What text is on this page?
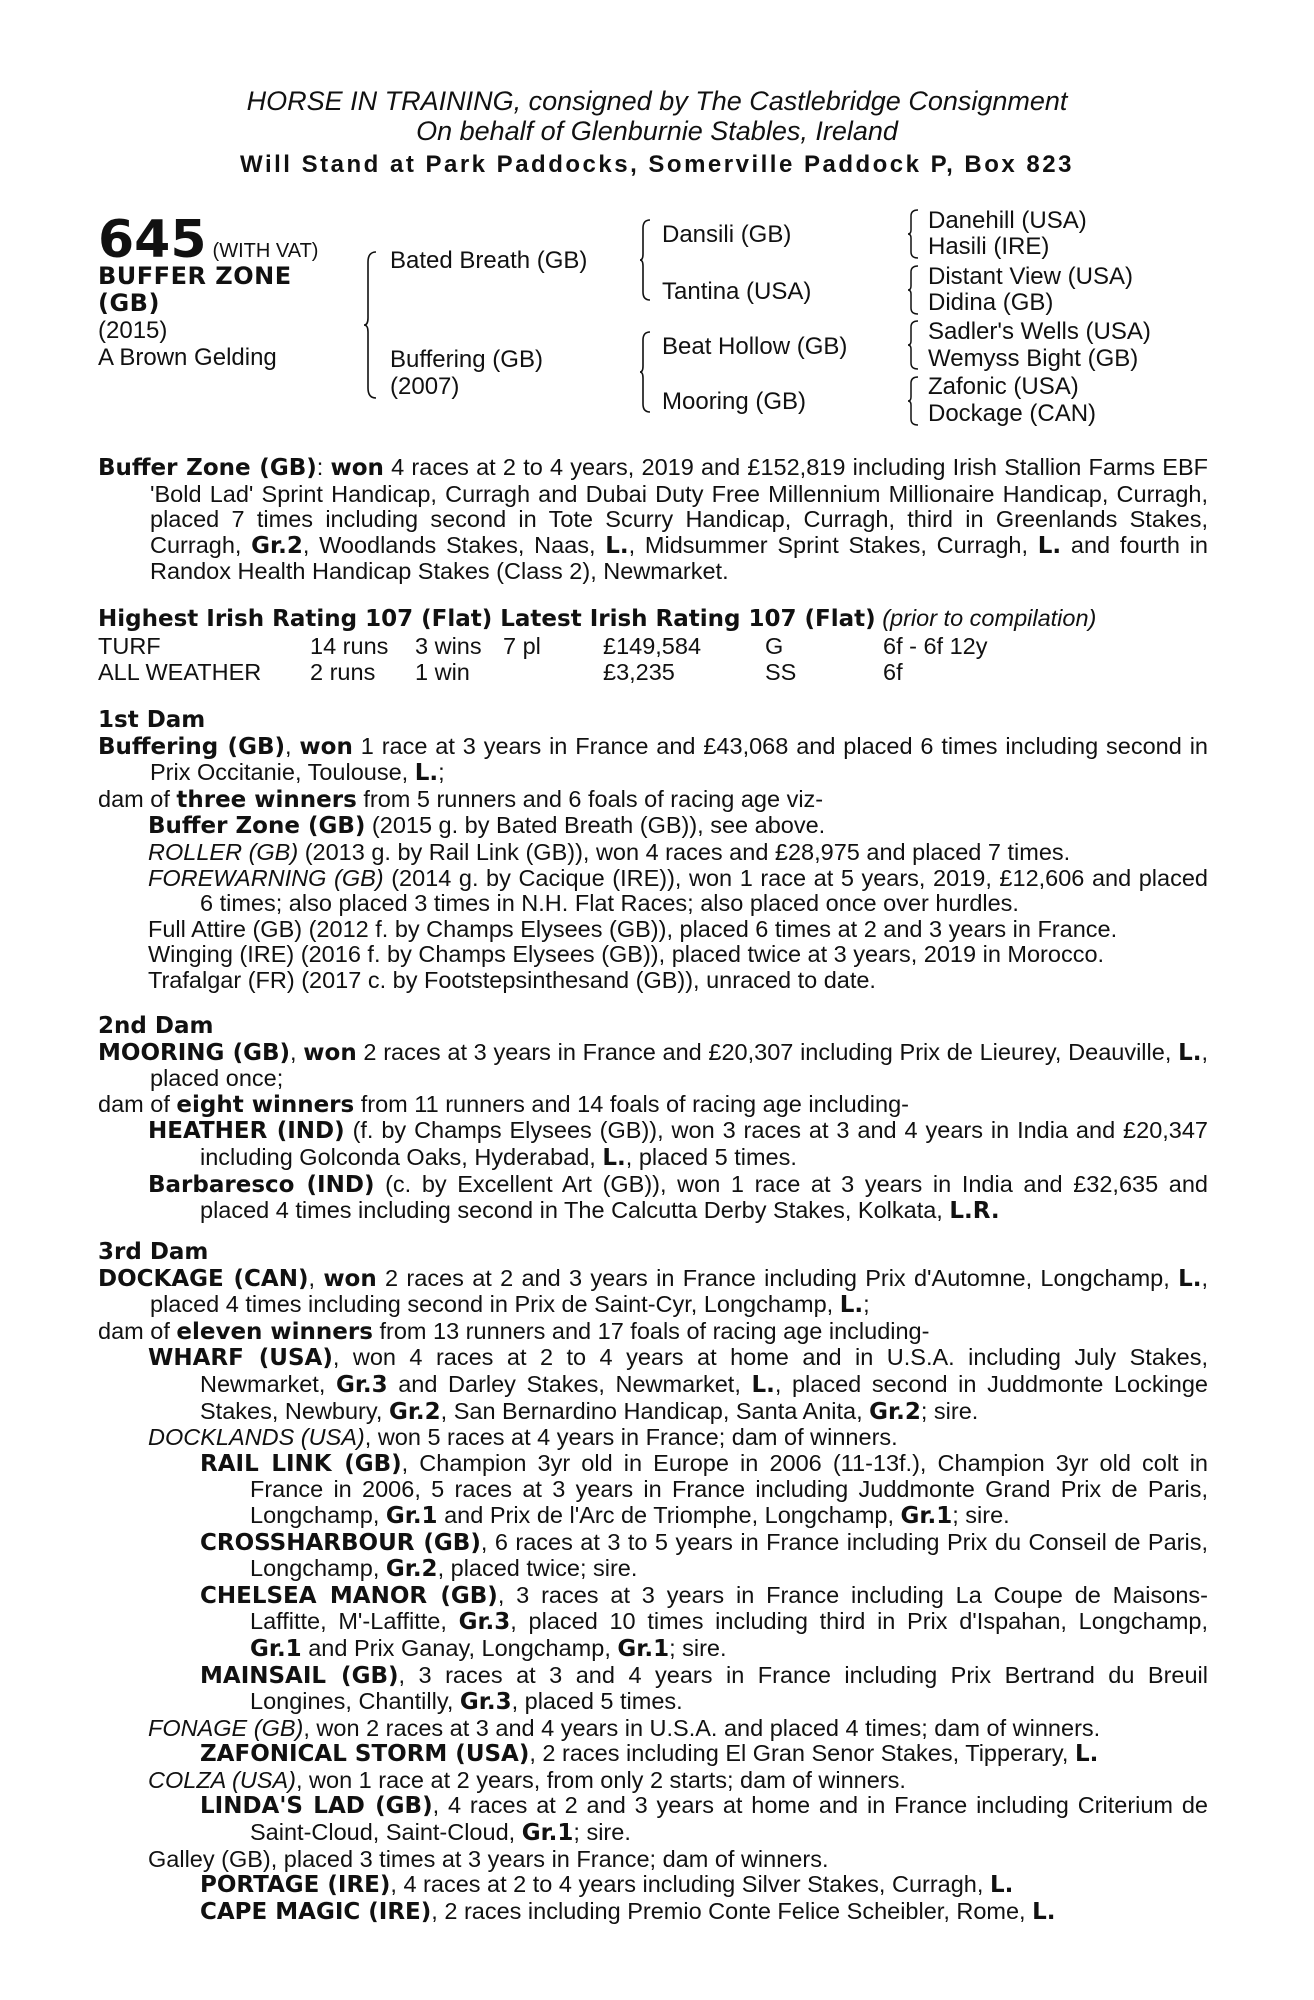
HORSE IN TRAINING, consigned by The Castlebridge Consignment
On behalf of Glenburnie Stables, Ireland
Will Stand at Park Paddocks, Somerville Paddock P, Box 823
645 (WITH VAT)
BUFFER ZONE
(GB)
(2015)
A Brown Gelding
Bated Breath (GB)
Buffering (GB)
(2007)
Dansili (GB)
Tantina (USA)
Beat Hollow (GB)
Mooring (GB)
Danehill (USA)
Hasili (IRE)
Distant View (USA)
Didina (GB)
Sadler's Wells (USA)
Wemyss Bight (GB)
Zafonic (USA)
Dockage (CAN)

Buffer Zone (GB): won 4 races at 2 to 4 years, 2019 and £152,819 including Irish Stallion Farms EBF 'Bold Lad' Sprint Handicap, Curragh and Dubai Duty Free Millennium Millionaire Handicap, Curragh, placed 7 times including second in Tote Scurry Handicap, Curragh, third in Greenlands Stakes, Curragh, Gr.2, Woodlands Stakes, Naas, L., Midsummer Sprint Stakes, Curragh, L. and fourth in Randox Health Handicap Stakes (Class 2), Newmarket.

Highest Irish Rating 107 (Flat) Latest Irish Rating 107 (Flat) (prior to compilation)

TURF	14 runs	3 wins	7 pl	£149,584	G	6f - 6f 12y
ALL WEATHER	2 runs	1 win		£3,235	SS	6f

1st Dam

Buffering (GB), won 1 race at 3 years in France and £43,068 and placed 6 times including second in Prix Occitanie, Toulouse, L.;

dam of three winners from 5 runners and 6 foals of racing age viz-

Buffer Zone (GB) (2015 g. by Bated Breath (GB)), see above.

ROLLER (GB) (2013 g. by Rail Link (GB)), won 4 races and £28,975 and placed 7 times.

FOREWARNING (GB) (2014 g. by Cacique (IRE)), won 1 race at 5 years, 2019, £12,606 and placed 6 times; also placed 3 times in N.H. Flat Races; also placed once over hurdles.

Full Attire (GB) (2012 f. by Champs Elysees (GB)), placed 6 times at 2 and 3 years in France.

Winging (IRE) (2016 f. by Champs Elysees (GB)), placed twice at 3 years, 2019 in Morocco.

Trafalgar (FR) (2017 c. by Footstepsinthesand (GB)), unraced to date.

2nd Dam

MOORING (GB), won 2 races at 3 years in France and £20,307 including Prix de Lieurey, Deauville, L., placed once;

dam of eight winners from 11 runners and 14 foals of racing age including-

HEATHER (IND) (f. by Champs Elysees (GB)), won 3 races at 3 and 4 years in India and £20,347 including Golconda Oaks, Hyderabad, L., placed 5 times.

Barbaresco (IND) (c. by Excellent Art (GB)), won 1 race at 3 years in India and £32,635 and placed 4 times including second in The Calcutta Derby Stakes, Kolkata, L.R.

3rd Dam

DOCKAGE (CAN), won 2 races at 2 and 3 years in France including Prix d'Automne, Longchamp, L., placed 4 times including second in Prix de Saint-Cyr, Longchamp, L.;

dam of eleven winners from 13 runners and 17 foals of racing age including-

WHARF (USA), won 4 races at 2 to 4 years at home and in U.S.A. including July Stakes, Newmarket, Gr.3 and Darley Stakes, Newmarket, L., placed second in Juddmonte Lockinge Stakes, Newbury, Gr.2, San Bernardino Handicap, Santa Anita, Gr.2; sire.

DOCKLANDS (USA), won 5 races at 4 years in France; dam of winners.

RAIL LINK (GB), Champion 3yr old in Europe in 2006 (11-13f.), Champion 3yr old colt in France in 2006, 5 races at 3 years in France including Juddmonte Grand Prix de Paris, Longchamp, Gr.1 and Prix de l'Arc de Triomphe, Longchamp, Gr.1; sire.

CROSSHARBOUR (GB), 6 races at 3 to 5 years in France including Prix du Conseil de Paris, Longchamp, Gr.2, placed twice; sire.

CHELSEA MANOR (GB), 3 races at 3 years in France including La Coupe de Maisons-Laffitte, M'-Laffitte, Gr.3, placed 10 times including third in Prix d'Ispahan, Longchamp, Gr.1 and Prix Ganay, Longchamp, Gr.1; sire.

MAINSAIL (GB), 3 races at 3 and 4 years in France including Prix Bertrand du Breuil Longines, Chantilly, Gr.3, placed 5 times.

FONAGE (GB), won 2 races at 3 and 4 years in U.S.A. and placed 4 times; dam of winners.

ZAFONICAL STORM (USA), 2 races including El Gran Senor Stakes, Tipperary, L.

COLZA (USA), won 1 race at 2 years, from only 2 starts; dam of winners.

LINDA'S LAD (GB), 4 races at 2 and 3 years at home and in France including Criterium de Saint-Cloud, Saint-Cloud, Gr.1; sire.

Galley (GB), placed 3 times at 3 years in France; dam of winners.

PORTAGE (IRE), 4 races at 2 to 4 years including Silver Stakes, Curragh, L.

CAPE MAGIC (IRE), 2 races including Premio Conte Felice Scheibler, Rome, L.
